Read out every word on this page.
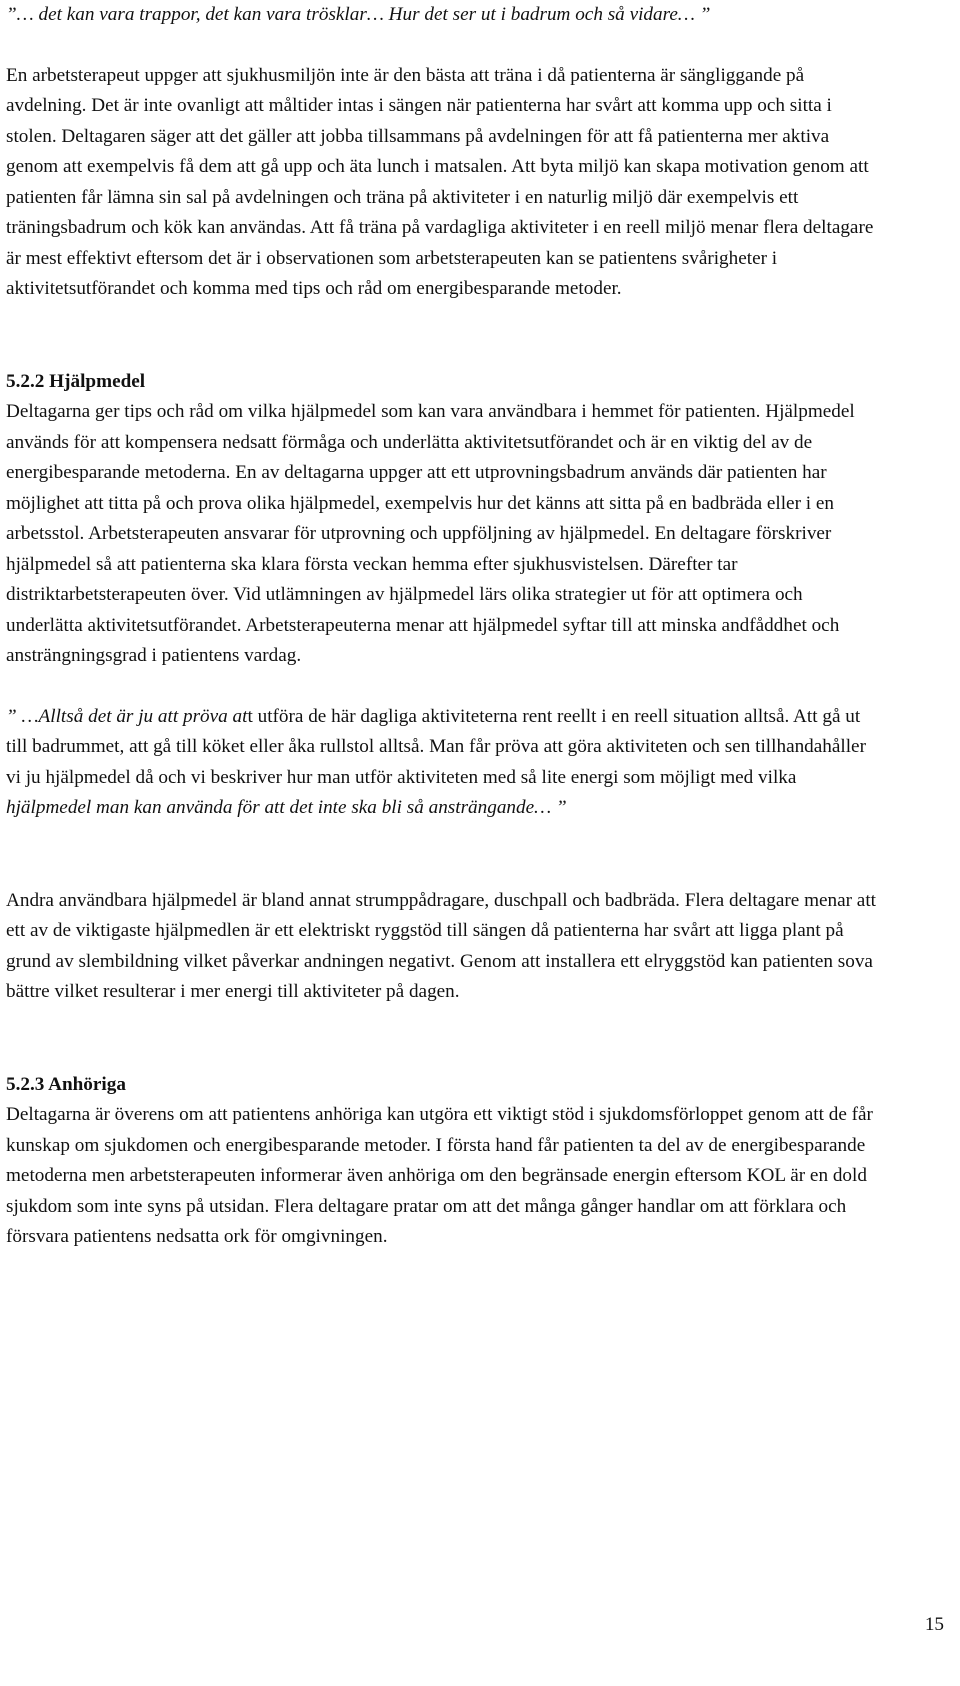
”… det kan vara trappor, det kan vara trösklar… Hur det ser ut i badrum och så vidare… ”

En arbetsterapeut uppger att sjukhusmiljön inte är den bästa att träna i då patienterna är sängliggande på avdelning. Det är inte ovanligt att måltider intas i sängen när patienterna har svårt att komma upp och sitta i stolen. Deltagaren säger att det gäller att jobba tillsammans på avdelningen för att få patienterna mer aktiva genom att exempelvis få dem att gå upp och äta lunch i matsalen. Att byta miljö kan skapa motivation genom att patienten får lämna sin sal på avdelningen och träna på aktiviteter i en naturlig miljö där exempelvis ett träningsbadrum och kök kan användas. Att få träna på vardagliga aktiviteter i en reell miljö menar flera deltagare är mest effektivt eftersom det är i observationen som arbetsterapeuten kan se patientens svårigheter i aktivitetsutförandet och komma med tips och råd om energibesparande metoder.

5.2.2 Hjälpmedel

Deltagarna ger tips och råd om vilka hjälpmedel som kan vara användbara i hemmet för patienten. Hjälpmedel används för att kompensera nedsatt förmåga och underlätta aktivitetsutförandet och är en viktig del av de energibesparande metoderna. En av deltagarna uppger att ett utprovningsbadrum används där patienten har möjlighet att titta på och prova olika hjälpmedel, exempelvis hur det känns att sitta på en badbräda eller i en arbetsstol. Arbetsterapeuten ansvarar för utprovning och uppföljning av hjälpmedel. En deltagare förskriver hjälpmedel så att patienterna ska klara första veckan hemma efter sjukhusvistelsen. Därefter tar distriktarbetsterapeuten över. Vid utlämningen av hjälpmedel lärs olika strategier ut för att optimera och underlätta aktivitetsutförandet. Arbetsterapeuterna menar att hjälpmedel syftar till att minska andfåddhet och ansträngningsgrad i patientens vardag.

” …Alltså det är ju att pröva att utföra de här dagliga aktiviteterna rent reellt i en reell situation alltså. Att gå ut till badrummet, att gå till köket eller åka rullstol alltså. Man får pröva att göra aktiviteten och sen tillhandahåller vi ju hjälpmedel då och vi beskriver hur man utför aktiviteten med så lite energi som möjligt med vilka hjälpmedel man kan använda för att det inte ska bli så ansträngande… ”

Andra användbara hjälpmedel är bland annat strumppådragare, duschpall och badbräda. Flera deltagare menar att ett av de viktigaste hjälpmedlen är ett elektriskt ryggstöd till sängen då patienterna har svårt att ligga plant på grund av slembildning vilket påverkar andningen negativt. Genom att installera ett elryggstöd kan patienten sova bättre vilket resulterar i mer energi till aktiviteter på dagen.

5.2.3 Anhöriga

Deltagarna är överens om att patientens anhöriga kan utgöra ett viktigt stöd i sjukdomsförloppet genom att de får kunskap om sjukdomen och energibesparande metoder. I första hand får patienten ta del av de energibesparande metoderna men arbetsterapeuten informerar även anhöriga om den begränsade energin eftersom KOL är en dold sjukdom som inte syns på utsidan. Flera deltagare pratar om att det många gånger handlar om att förklara och försvara patientens nedsatta ork för omgivningen.

15
